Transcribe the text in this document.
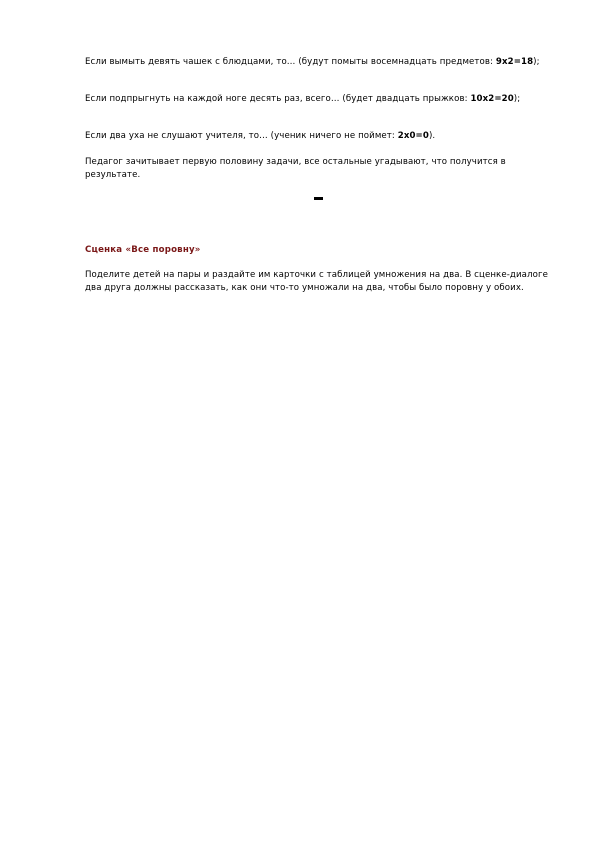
Если вымыть девять чашек с блюдцами, то… (будут помыты восемнадцать предметов: 9х2=18);

Если подпрыгнуть на каждой ноге десять раз, всего… (будет двадцать прыжков: 10х2=20);

Если два уха не слушают учителя, то… (ученик ничего не поймет: 2х0=0).

Педагог зачитывает первую половину задачи, все остальные угадывают, что получится в результате.

Сценка «Все поровну»

Поделите детей на пары и раздайте им карточки с таблицей умножения на два. В сценке-диалоге два друга должны рассказать, как они что-то умножали на два, чтобы было поровну у обоих.
